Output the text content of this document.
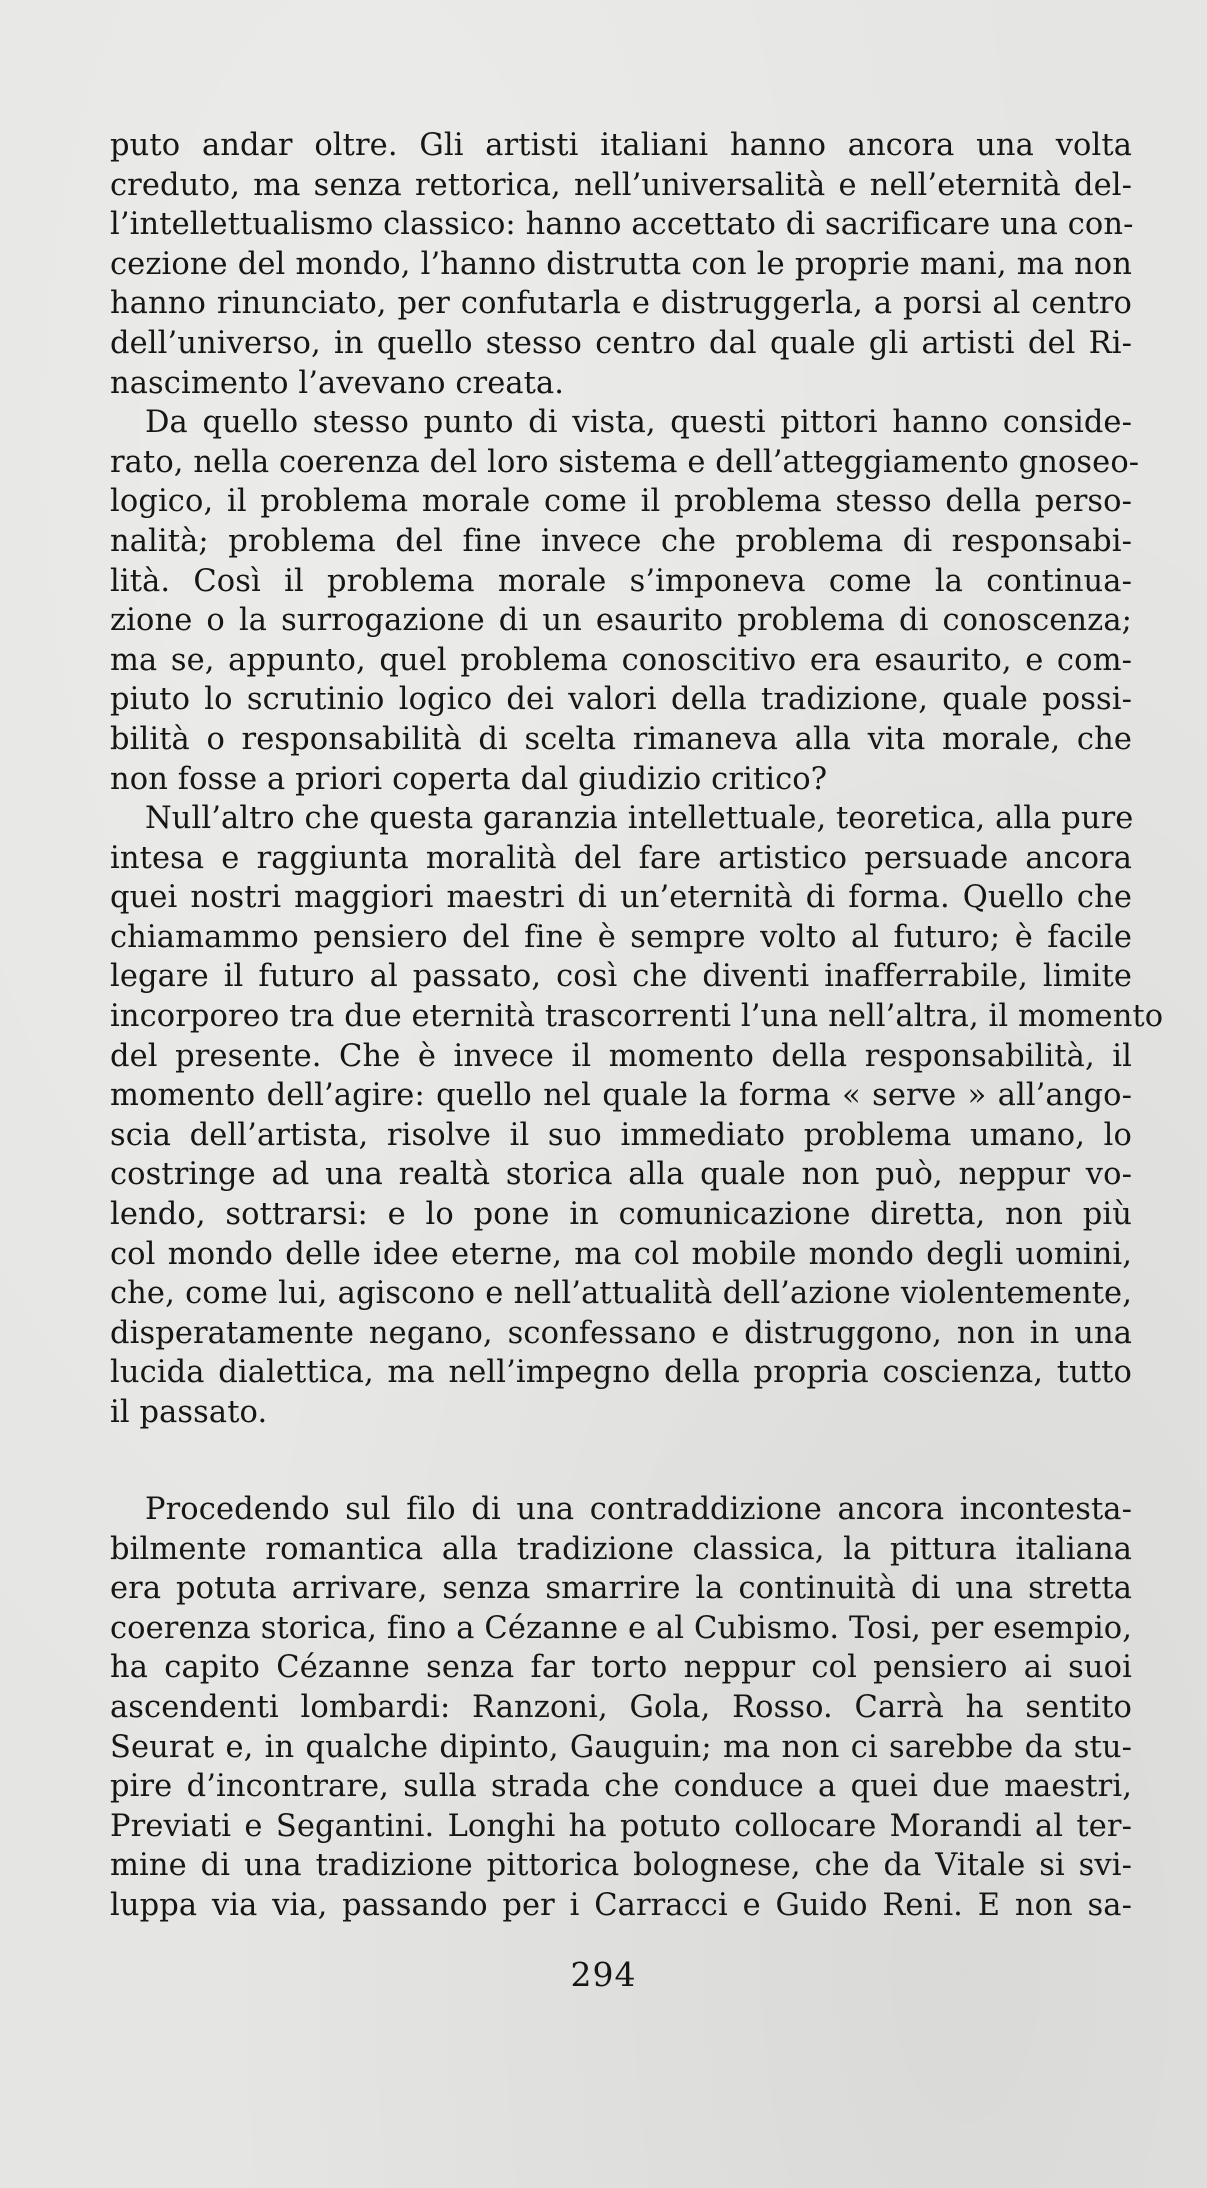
puto andar oltre. Gli artisti italiani hanno ancora una volta
creduto, ma senza rettorica, nell’universalità e nell’eternità del-
l’intellettualismo classico: hanno accettato di sacrificare una con-
cezione del mondo, l’hanno distrutta con le proprie mani, ma non
hanno rinunciato, per confutarla e distruggerla, a porsi al centro
dell’universo, in quello stesso centro dal quale gli artisti del Ri-
nascimento l’avevano creata.
Da quello stesso punto di vista, questi pittori hanno conside-
rato, nella coerenza del loro sistema e dell’atteggiamento gnoseo-
logico, il problema morale come il problema stesso della perso-
nalità; problema del fine invece che problema di responsabi-
lità. Così il problema morale s’imponeva come la continua-
zione o la surrogazione di un esaurito problema di conoscenza;
ma se, appunto, quel problema conoscitivo era esaurito, e com-
piuto lo scrutinio logico dei valori della tradizione, quale possi-
bilità o responsabilità di scelta rimaneva alla vita morale, che
non fosse a priori coperta dal giudizio critico?
Null’altro che questa garanzia intellettuale, teoretica, alla pure
intesa e raggiunta moralità del fare artistico persuade ancora
quei nostri maggiori maestri di un’eternità di forma. Quello che
chiamammo pensiero del fine è sempre volto al futuro; è facile
legare il futuro al passato, così che diventi inafferrabile, limite
incorporeo tra due eternità trascorrenti l’una nell’altra, il momento
del presente. Che è invece il momento della responsabilità, il
momento dell’agire: quello nel quale la forma « serve » all’ango-
scia dell’artista, risolve il suo immediato problema umano, lo
costringe ad una realtà storica alla quale non può, neppur vo-
lendo, sottrarsi: e lo pone in comunicazione diretta, non più
col mondo delle idee eterne, ma col mobile mondo degli uomini,
che, come lui, agiscono e nell’attualità dell’azione violentemente,
disperatamente negano, sconfessano e distruggono, non in una
lucida dialettica, ma nell’impegno della propria coscienza, tutto
il passato.
Procedendo sul filo di una contraddizione ancora incontesta-
bilmente romantica alla tradizione classica, la pittura italiana
era potuta arrivare, senza smarrire la continuità di una stretta
coerenza storica, fino a Cézanne e al Cubismo. Tosi, per esempio,
ha capito Cézanne senza far torto neppur col pensiero ai suoi
ascendenti lombardi: Ranzoni, Gola, Rosso. Carrà ha sentito
Seurat e, in qualche dipinto, Gauguin; ma non ci sarebbe da stu-
pire d’incontrare, sulla strada che conduce a quei due maestri,
Previati e Segantini. Longhi ha potuto collocare Morandi al ter-
mine di una tradizione pittorica bolognese, che da Vitale si svi-
luppa via via, passando per i Carracci e Guido Reni. E non sa-
294
